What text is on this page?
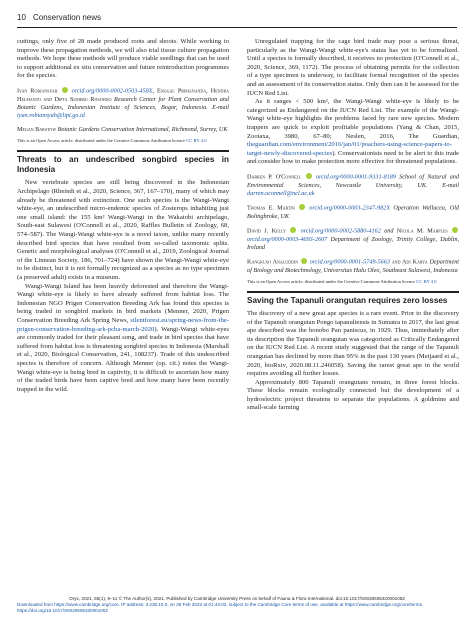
10 Conservation news

cuttings, only five of 28 made produced roots and shoots. While working to improve these propagation methods, we will also trial tissue culture propagation methods. We hope these methods will produce viable seedlings that can be used to support additional ex situ conservation and future reintroduction programmes for the species.

Iyan Robiansyah orcid.org/0000-0002-0503-458X, Enggal Primananda, Hendra Helmanto and Dipta Sumeru Rinandio Research Center for Plant Conservation and Botanic Gardens, Indonesian Institute of Sciences, Bogor, Indonesia. E-mail iyan.robiansyah@lipi.go.id

Megan Barstow Botanic Gardens Conservation International, Richmond, Surrey, UK

This is an Open Access article, distributed under the Creative Commons Attribution licence CC BY 4.0

Threats to an undescribed songbird species in Indonesia

New vertebrate species are still being discovered in the Indonesian Archipelago (Rheindt et al., 2020, Science, 367, 167–170), many of which may already be threatened with extinction. One such species is the Wangi-Wangi white-eye, an undescribed micro-endemic species of Zosterops inhabiting just one small island: the 155 km² Wangi-Wangi in the Wakatobi archipelago, South-east Sulawesi (O'Connell et al., 2020, Raffles Bulletin of Zoology, 68, 574–587). The Wangi-Wangi white-eye is a novel taxon, unlike many recently described bird species that have resulted from so-called taxonomic splits. Genetic and morphological analyses (O'Connell et al., 2019, Zoological Journal of the Linnean Society, 186, 701–724) have shown the Wangi-Wangi white-eye to be distinct, but it is not formally recognized as a species as no type specimen (a preserved adult) exists in a museum.

Wangi-Wangi Island has been heavily deforested and therefore the Wangi-Wangi white-eye is likely to have already suffered from habitat loss. The Indonesian NGO Prigen Conservation Breeding Ark has found this species is being traded in songbird markets in bird markets (Menner, 2020, Prigen Conservation Breeding Ark Spring News, silentforest.eu/spring-news-from-the-prigen-conservation-breeding-ark-pcba-march-2020). Wangi-Wangi white-eyes are commonly traded for their pleasant song, and trade in bird species that have suffered from habitat loss is threatening songbird species in Indonesia (Marshall et al., 2020, Biological Conservation, 241, 108237). Trade of this undescribed species is therefore of concern. Although Menner (op. cit.) notes the Wangi-Wangi white-eye is being bred in captivity, it is difficult to ascertain how many of the traded birds have been captive bred and how many have been recently trapped in the wild.

Unregulated trapping for the cage bird trade may pose a serious threat, particularly as the Wangi-Wangi white-eye's status has yet to be formalized. Until a species is formally described, it receives no protection (O'Connell et al., 2020, Science, 369, 1172). The process of obtaining permits for the collection of a type specimen is underway, to facilitate formal recognition of the species and an assessment of its conservation status. Only then can it be assessed for the IUCN Red List.

As it ranges < 500 km², the Wangi-Wangi white-eye is likely to be categorized as Endangered on the IUCN Red List. The example of the Wangi-Wangi white-eye highlights the problems faced by rare new species. Modern trappers are quick to exploit profitable populations (Yang & Chan, 2015, Zootaxa, 3980, 67–80; Neslen, 2016, The Guardian, theguardian.com/environment/2016/jan/01/poachers-using-science-papers-to-target-newly-discovered-species). Conservationists need to be alert to this trade and consider how to make protection more effective for threatened populations.

Darren P. O'Connell orcid.org/0000-0001-9331-8189 School of Natural and Environmental Sciences, Newcastle University, UK. E-mail darren.oconnell@ncl.ac.uk

Thomas E. Martin orcid.org/0000-0003-2347-982X Operation Wallacea, Old Bolingbroke, UK

David J. Kelly orcid.org/0000-0002-5880-4162 and Nicola M. Marples  orcid.org/0000-0003-4693-2607 Department of Zoology, Trinity College, Dublin, Ireland

Kangkuso Analuddin orcid.org/0000-0001-5749-5663 and Adi Karya Department of Biology and Biotechnology, Universitas Halu Oleo, Southeast Sulawesi, Indonesia

This is an Open Access article, distributed under the Creative Commons Attribution licence CC BY 4.0

Saving the Tapanuli orangutan requires zero losses

The discovery of a new great ape species is a rare event. Prior to the discovery of the Tapanuli orangutan Pongo tapanuliensis in Sumatra in 2017, the last great ape described was the bonobo Pan paniscus, in 1929. Thus, immediately after its description the Tapanuli orangutan was categorized as Critically Endangered on the IUCN Red List. A recent study suggested that the range of the Tapanuli orangutan has declined by more than 95% in the past 130 years (Meijaard et al., 2020, bioRxiv, 2020.08.11.246058). Saving the rarest great ape in the world requires avoiding all further losses.

Approximately 800 Tapanuli orangutans remain, in three forest blocks. These blocks remain ecologically connected but the development of a hydroelectric project threatens to separate the populations. A goldmine and small-scale farming

Oryx, 2021, 55(1), 9–11 © The Author(s), 2021. Published by Cambridge University Press on behalf of Fauna & Flora International. doi:10.1017/S0030605320001052
Downloaded from https://www.cambridge.org/core. IP address: 3.238.10.0, on 26 Feb 2022 at 01:44:03, subject to the Cambridge Core terms of use, available at https://www.cambridge.org/core/terms. https://doi.org/10.1017/S0030605320001052
